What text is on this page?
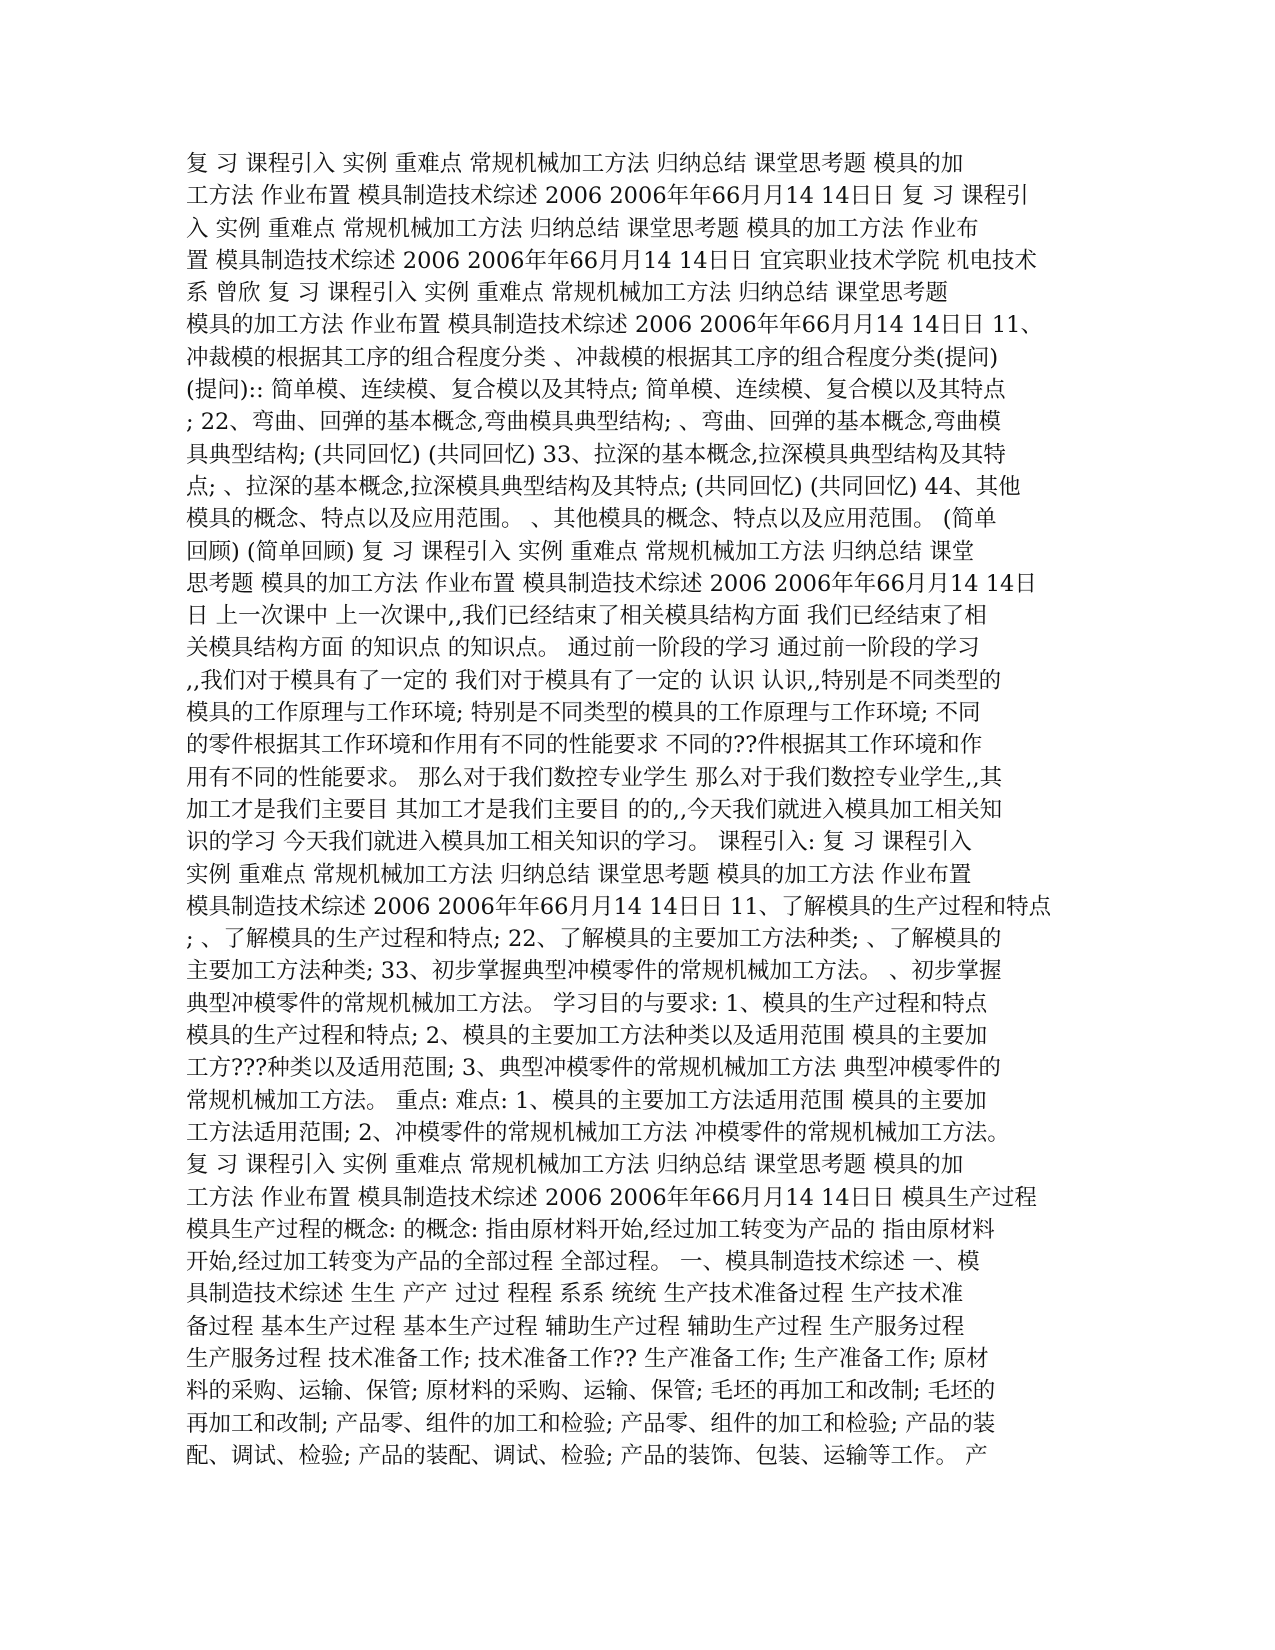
复 习 课程引入 实例 重难点 常规机械加工方法 归纳总结 课堂思考题 模具的加
工方法 作业布置 模具制造技术综述 2006 2006年年66月月14 14日日 复 习 课程引
入 实例 重难点 常规机械加工方法 归纳总结 课堂思考题 模具的加工方法 作业布
置 模具制造技术综述 2006 2006年年66月月14 14日日 宜宾职业技术学院 机电技术
系 曾欣 复 习 课程引入 实例 重难点 常规机械加工方法 归纳总结 课堂思考题
模具的加工方法 作业布置 模具制造技术综述 2006 2006年年66月月14 14日日 11、
冲裁模的根据其工序的组合程度分类 、冲裁模的根据其工序的组合程度分类(提问)
(提问):: 简单模、连续模、复合模以及其特点; 简单模、连续模、复合模以及其特点
; 22、弯曲、回弹的基本概念,弯曲模具典型结构; 、弯曲、回弹的基本概念,弯曲模
具典型结构; (共同回忆) (共同回忆) 33、拉深的基本概念,拉深模具典型结构及其特
点; 、拉深的基本概念,拉深模具典型结构及其特点; (共同回忆) (共同回忆) 44、其他
模具的概念、特点以及应用范围。 、其他模具的概念、特点以及应用范围。 (简单
回顾) (简单回顾) 复 习 课程引入 实例 重难点 常规机械加工方法 归纳总结 课堂
思考题 模具的加工方法 作业布置 模具制造技术综述 2006 2006年年66月月14 14日
日 上一次课中 上一次课中,,我们已经结束了相关模具结构方面 我们已经结束了相
关模具结构方面 的知识点 的知识点。 通过前一阶段的学习 通过前一阶段的学习
,,我们对于模具有了一定的 我们对于模具有了一定的 认识 认识,,特别是不同类型的
模具的工作原理与工作环境; 特别是不同类型的模具的工作原理与工作环境; 不同
的零件根据其工作环境和作用有不同的性能要求 不同的??件根据其工作环境和作
用有不同的性能要求。 那么对于我们数控专业学生 那么对于我们数控专业学生,,其
加工才是我们主要目 其加工才是我们主要目 的的,,今天我们就进入模具加工相关知
识的学习 今天我们就进入模具加工相关知识的学习。 课程引入: 复 习 课程引入
实例 重难点 常规机械加工方法 归纳总结 课堂思考题 模具的加工方法 作业布置
模具制造技术综述 2006 2006年年66月月14 14日日 11、了解模具的生产过程和特点
; 、了解模具的生产过程和特点; 22、了解模具的主要加工方法种类; 、了解模具的
主要加工方法种类; 33、初步掌握典型冲模零件的常规机械加工方法。 、初步掌握
典型冲模零件的常规机械加工方法。 学习目的与要求: 1、模具的生产过程和特点
模具的生产过程和特点; 2、模具的主要加工方法种类以及适用范围 模具的主要加
工方???种类以及适用范围; 3、典型冲模零件的常规机械加工方法 典型冲模零件的
常规机械加工方法。 重点: 难点: 1、模具的主要加工方法适用范围 模具的主要加
工方法适用范围; 2、冲模零件的常规机械加工方法 冲模零件的常规机械加工方法。
复 习 课程引入 实例 重难点 常规机械加工方法 归纳总结 课堂思考题 模具的加
工方法 作业布置 模具制造技术综述 2006 2006年年66月月14 14日日 模具生产过程
模具生产过程的概念: 的概念: 指由原材料开始,经过加工转变为产品的 指由原材料
开始,经过加工转变为产品的全部过程 全部过程。 一、模具制造技术综述 一、模
具制造技术综述 生生 产产 过过 程程 系系 统统 生产技术准备过程 生产技术准
备过程 基本生产过程 基本生产过程 辅助生产过程 辅助生产过程 生产服务过程
生产服务过程 技术准备工作; 技术准备工作?? 生产准备工作; 生产准备工作; 原材
料的采购、运输、保管; 原材料的采购、运输、保管; 毛坯的再加工和改制; 毛坯的
再加工和改制; 产品零、组件的加工和检验; 产品零、组件的加工和检验; 产品的装
配、调试、检验; 产品的装配、调试、检验; 产品的装饰、包装、运输等工作。 产
